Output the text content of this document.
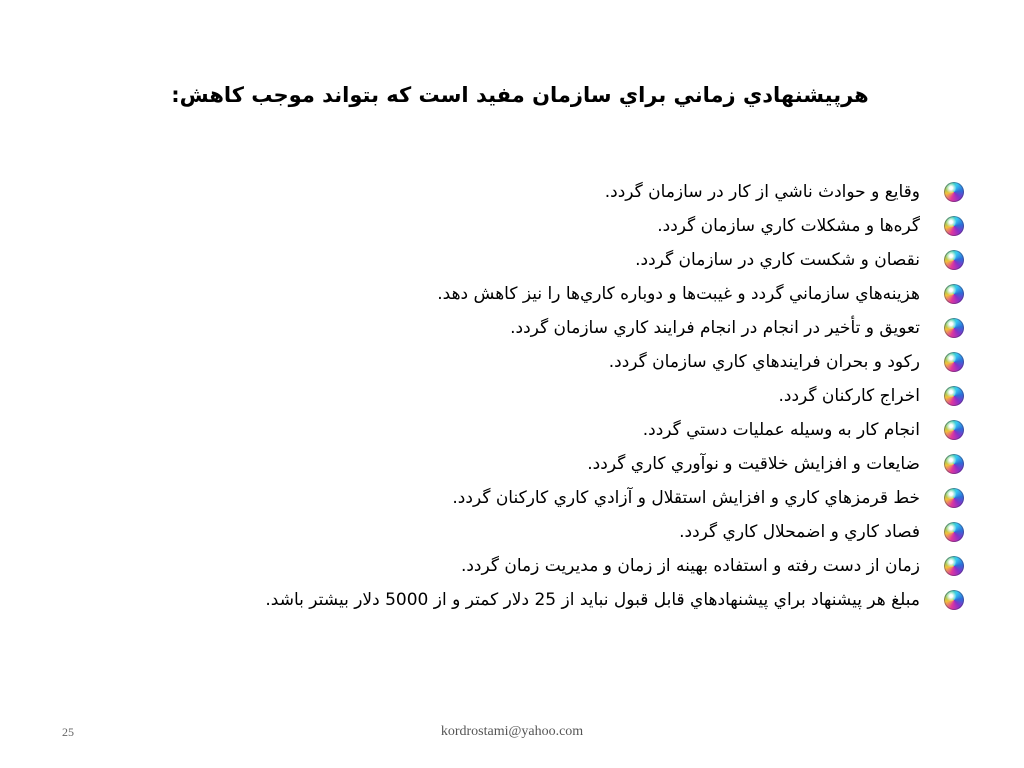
هرپيشنهادي زماني براي سازمان مفيد است كه بتواند موجب كاهش:
وقايع و حوادث ناشي از كار در سازمان گردد.
گره‌ها و مشكلات كاري سازمان گردد.
نقصان و شكست كاري در سازمان گردد.
هزينه‌هاي سازماني گردد و غيبت‌ها و دوباره كاري‌ها را نيز كاهش دهد.
تعويق و تأخير در انجام در انجام فرايند كاري سازمان گردد.
ركود و بحران فرايندهاي كاري سازمان گردد.
اخراج كاركنان گردد.
انجام كار به وسيله عمليات دستي گردد.
ضايعات و افزايش خلاقيت و نوآوري كاري گردد.
خط قرمزهاي كاري و افزايش استقلال و آزادي كاري كاركنان گردد.
فصاد كاري و اضمحلال كاري گردد.
زمان از دست رفته و استفاده بهينه از زمان و مديريت زمان گردد.
مبلغ هر پيشنهاد براي پيشنهادهاي قابل قبول نبايد از 25 دلار كمتر و از 5000 دلار بيشتر باشد.
25	kordrostami@yahoo.com
